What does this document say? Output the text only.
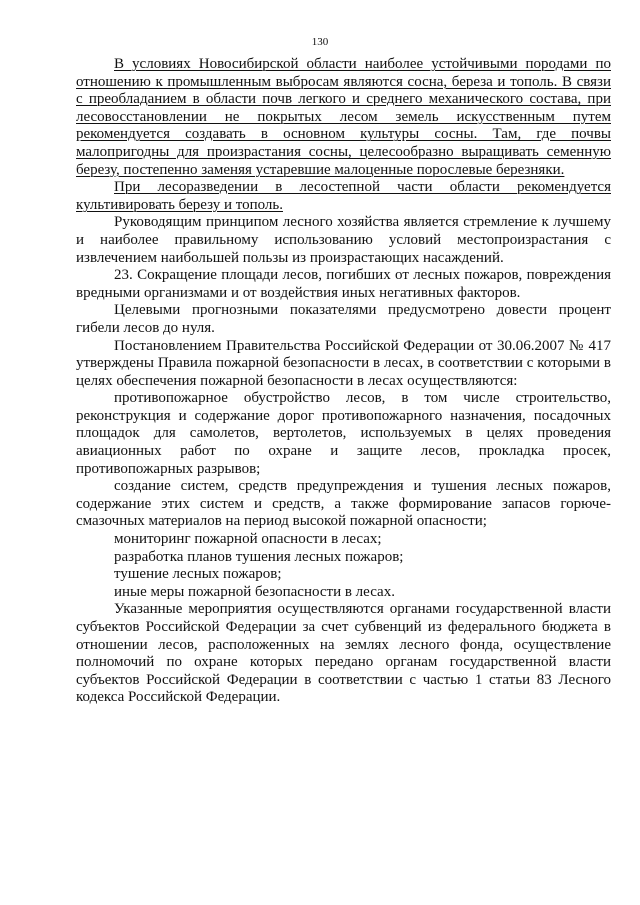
130

В условиях Новосибирской области наиболее устойчивыми породами по отношению к промышленным выбросам являются сосна, береза и тополь. В связи с преобладанием в области почв легкого и среднего механического состава, при лесовосстановлении не покрытых лесом земель искусственным путем рекомендуется создавать в основном культуры сосны. Там, где почвы малопригодны для произрастания сосны, целесообразно выращивать семенную березу, постепенно заменяя устаревшие малоценные порослевые березняки.

При лесоразведении в лесостепной части области рекомендуется культивировать березу и тополь.

Руководящим принципом лесного хозяйства является стремление к лучшему и наиболее правильному использованию условий местопроизрастания с извлечением наибольшей пользы из произрастающих насаждений.

23. Сокращение площади лесов, погибших от лесных пожаров, повреждения вредными организмами и от воздействия иных негативных факторов.

Целевыми прогнозными показателями предусмотрено довести процент гибели лесов до нуля.

Постановлением Правительства Российской Федерации от 30.06.2007 № 417 утверждены Правила пожарной безопасности в лесах, в соответствии с которыми в целях обеспечения пожарной безопасности в лесах осуществляются:

противопожарное обустройство лесов, в том числе строительство, реконструкция и содержание дорог противопожарного назначения, посадочных площадок для самолетов, вертолетов, используемых в целях проведения авиационных работ по охране и защите лесов, прокладка просек, противопожарных разрывов;

создание систем, средств предупреждения и тушения лесных пожаров, содержание этих систем и средств, а также формирование запасов горюче-смазочных материалов на период высокой пожарной опасности;

мониторинг пожарной опасности в лесах;

разработка планов тушения лесных пожаров;

тушение лесных пожаров;

иные меры пожарной безопасности в лесах.

Указанные мероприятия осуществляются органами государственной власти субъектов Российской Федерации за счет субвенций из федерального бюджета в отношении лесов, расположенных на землях лесного фонда, осуществление полномочий по охране которых передано органам государственной власти субъектов Российской Федерации в соответствии с частью 1 статьи 83 Лесного кодекса Российской Федерации.
